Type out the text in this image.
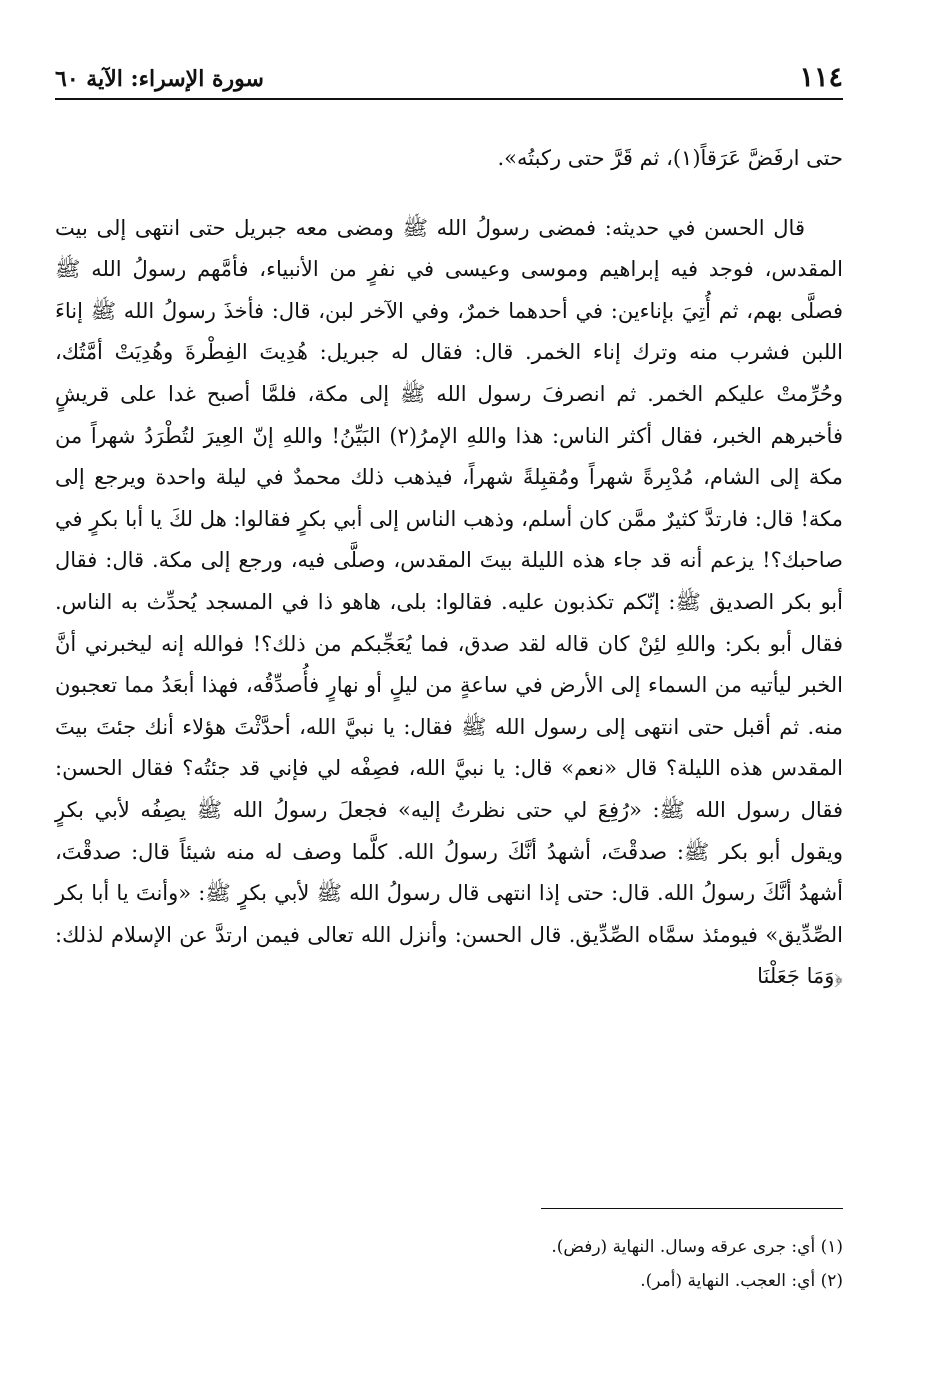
١١٤
سورة الإسراء: الآية ٦٠

حتى ارفَضَّ عَرَقاً(١)، ثم قَرَّ حتى ركبتُه».

قال الحسن في حديثه: فمضى رسولُ الله ﷺ ومضى معه جبريل حتى انتهى إلى بيت المقدس، فوجد فيه إبراهيم وموسى وعيسى في نفرٍ من الأنبياء، فأمَّهم رسولُ الله ﷺ فصلَّى بهم، ثم أُتِيَ بإناءين: في أحدهما خمرٌ، وفي الآخر لبن، قال: فأخذَ رسولُ الله ﷺ إناءَ اللبن فشرب منه وترك إناء الخمر. قال: فقال له جبريل: هُدِيتَ الفِطْرةَ وهُدِيَتْ أمَّتُك، وحُرِّمتْ عليكم الخمر. ثم انصرفَ رسول الله ﷺ إلى مكة، فلمَّا أصبح غدا على قريشٍ فأخبرهم الخبر، فقال أكثر الناس: هذا واللهِ الإمرُ(٢) البَيِّنُ! واللهِ إنّ العِيرَ لتُطْرَدُ شهراً من مكة إلى الشام، مُدْبِرةً شهراً ومُقبِلةً شهراً، فيذهب ذلك محمدٌ في ليلة واحدة ويرجع إلى مكة! قال: فارتدَّ كثيرٌ ممَّن كان أسلم، وذهب الناس إلى أبي بكرٍ فقالوا: هل لكَ يا أبا بكرٍ في صاحبك؟! يزعم أنه قد جاء هذه الليلة بيتَ المقدس، وصلَّى فيه، ورجع إلى مكة. قال: فقال أبو بكر الصديق ﷺ: إنّكم تكذبون عليه. فقالوا: بلى، هاهو ذا في المسجد يُحدِّث به الناس. فقال أبو بكر: واللهِ لئِنْ كان قاله لقد صدق، فما يُعَجِّبكم من ذلك؟! فوالله إنه ليخبرني أنَّ الخبر ليأتيه من السماء إلى الأرض في ساعةٍ من ليلٍ أو نهارٍ فأُصدِّقُه، فهذا أبعَدُ مما تعجبون منه. ثم أقبل حتى انتهى إلى رسول الله ﷺ فقال: يا نبيَّ الله، أحدَّثْتَ هؤلاء أنك جئتَ بيتَ المقدس هذه الليلة؟ قال «نعم» قال: يا نبيَّ الله، فصِفْه لي فإني قد جئتُه؟ فقال الحسن: فقال رسول الله ﷺ: «رُفِعَ لي حتى نظرتُ إليه» فجعلَ رسولُ الله ﷺ يصِفُه لأبي بكرٍ ويقول أبو بكر ﷺ: صدقْتَ، أشهدُ أنَّكَ رسولُ الله. كلَّما وصف له منه شيئاً قال: صدقْتَ، أشهدُ أنَّكَ رسولُ الله. قال: حتى إذا انتهى قال رسولُ الله ﷺ لأبي بكرٍ ﷺ: «وأنتَ يا أبا بكر الصِّدِّيق» فيومئذ سمَّاه الصِّدِّيق. قال الحسن: وأنزل الله تعالى فيمن ارتدَّ عن الإسلام لذلك: ﴿وَمَا جَعَلْنَا

(١) أي: جرى عرقه وسال. النهاية (رفض).

(٢) أي: العجب. النهاية (أمر).
